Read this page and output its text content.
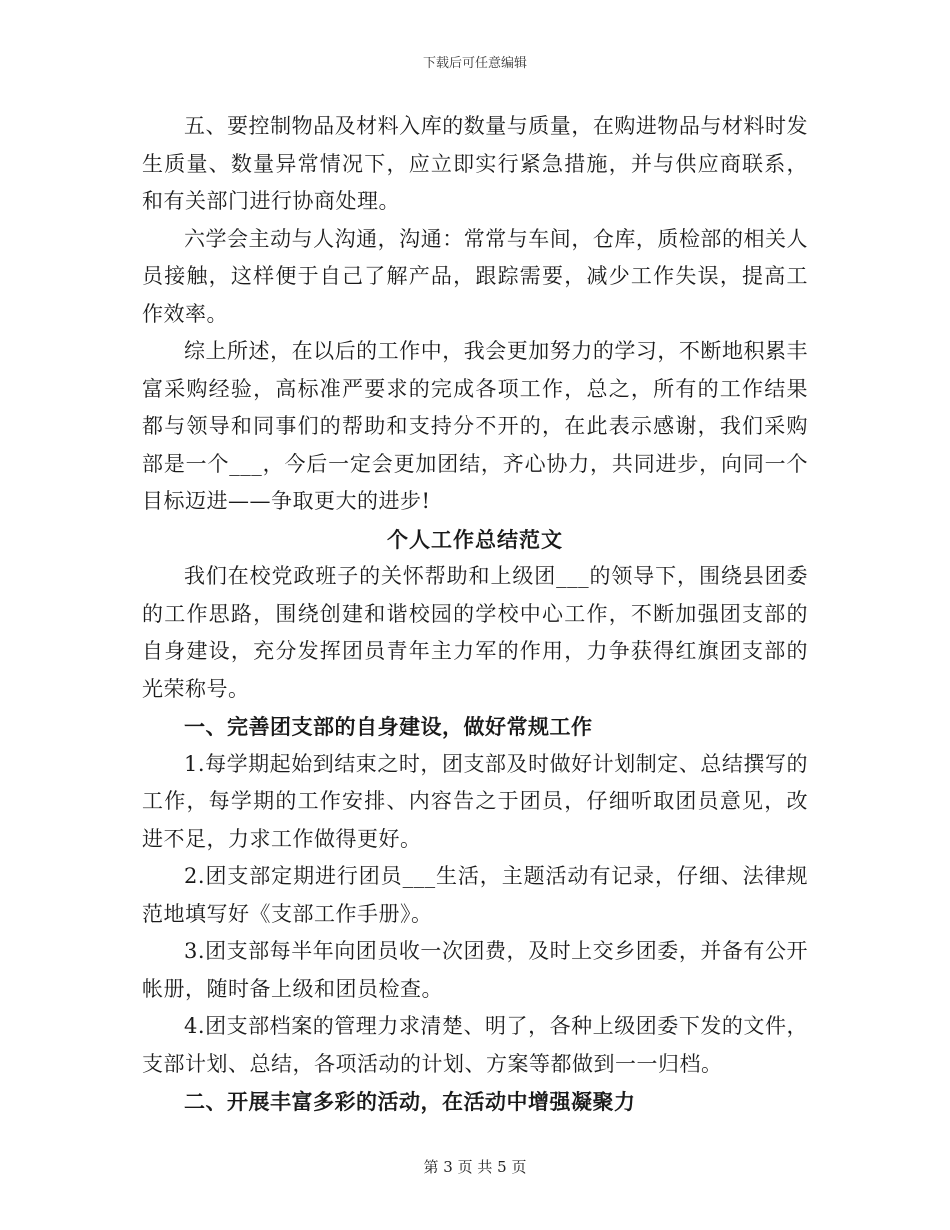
下载后可任意编辑

五、要控制物品及材料入库的数量与质量，在购进物品与材料时发生质量、数量异常情况下，应立即实行紧急措施，并与供应商联系，和有关部门进行协商处理。

六学会主动与人沟通，沟通：常常与车间，仓库，质检部的相关人员接触，这样便于自己了解产品，跟踪需要，减少工作失误，提高工作效率。

综上所述，在以后的工作中，我会更加努力的学习，不断地积累丰富采购经验，高标准严要求的完成各项工作，总之，所有的工作结果都与领导和同事们的帮助和支持分不开的，在此表示感谢，我们采购部是一个___，今后一定会更加团结，齐心协力，共同进步，向同一个目标迈进——争取更大的进步!

个人工作总结范文

我们在校党政班子的关怀帮助和上级团___的领导下，围绕县团委的工作思路，围绕创建和谐校园的学校中心工作，不断加强团支部的自身建设，充分发挥团员青年主力军的作用，力争获得红旗团支部的光荣称号。

一、完善团支部的自身建设，做好常规工作

1.每学期起始到结束之时，团支部及时做好计划制定、总结撰写的工作，每学期的工作安排、内容告之于团员，仔细听取团员意见，改进不足，力求工作做得更好。

2.团支部定期进行团员___生活，主题活动有记录，仔细、法律规范地填写好《支部工作手册》。

3.团支部每半年向团员收一次团费，及时上交乡团委，并备有公开帐册，随时备上级和团员检查。

4.团支部档案的管理力求清楚、明了，各种上级团委下发的文件，支部计划、总结，各项活动的计划、方案等都做到一一归档。

二、开展丰富多彩的活动，在活动中增强凝聚力

第 3 页 共 5 页
